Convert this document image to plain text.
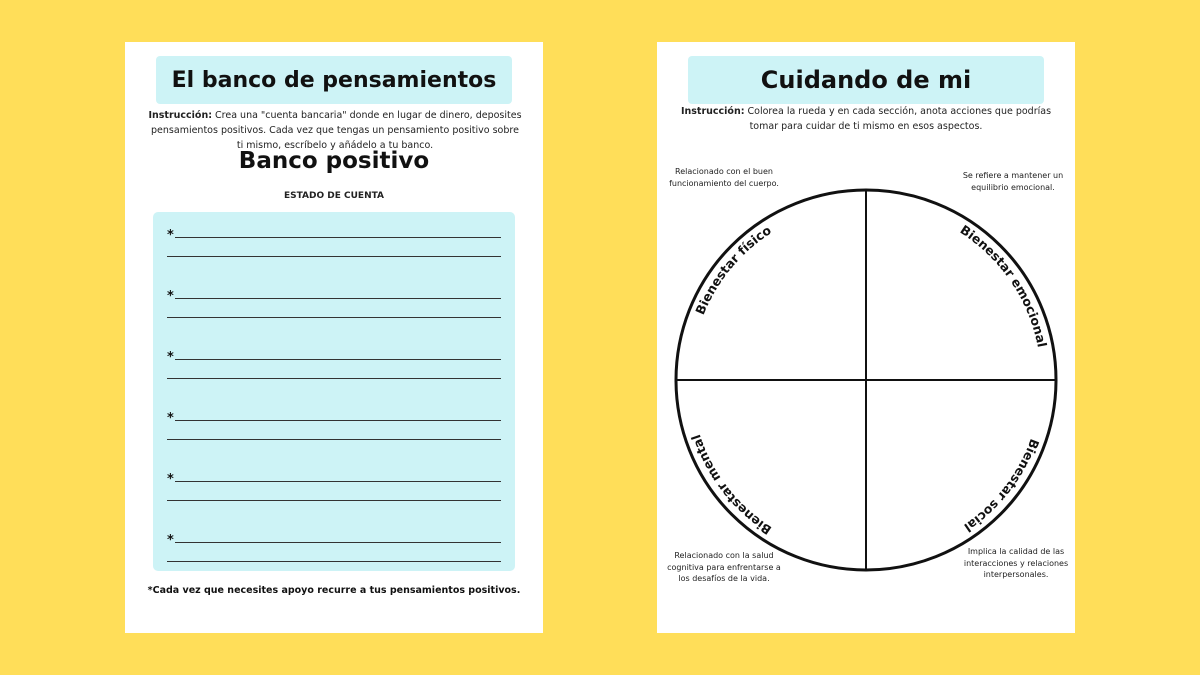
El banco de pensamientos
Instrucción: Crea una "cuenta bancaria" donde en lugar de dinero, deposites pensamientos positivos. Cada vez que tengas un pensamiento positivo sobre ti mismo, escríbelo y añádelo a tu banco.
Banco positivo
ESTADO DE CUENTA
*
*
*
*
*
*
*Cada vez que necesites apoyo recurre a tus pensamientos positivos.
Cuidando de mi
Instrucción: Colorea la rueda y en cada sección, anota acciones que podrías tomar para cuidar de ti mismo en esos aspectos.
Bienestar físico	Bienestar emocional
Bienestar social
Bienestar mental
Relacionado con el buen funcionamiento del cuerpo.
Se refiere a mantener un equilibrio emocional.
Relacionado con la salud cognitiva para enfrentarse a los desafíos de la vida.
Implica la calidad de las interacciones y relaciones interpersonales.
